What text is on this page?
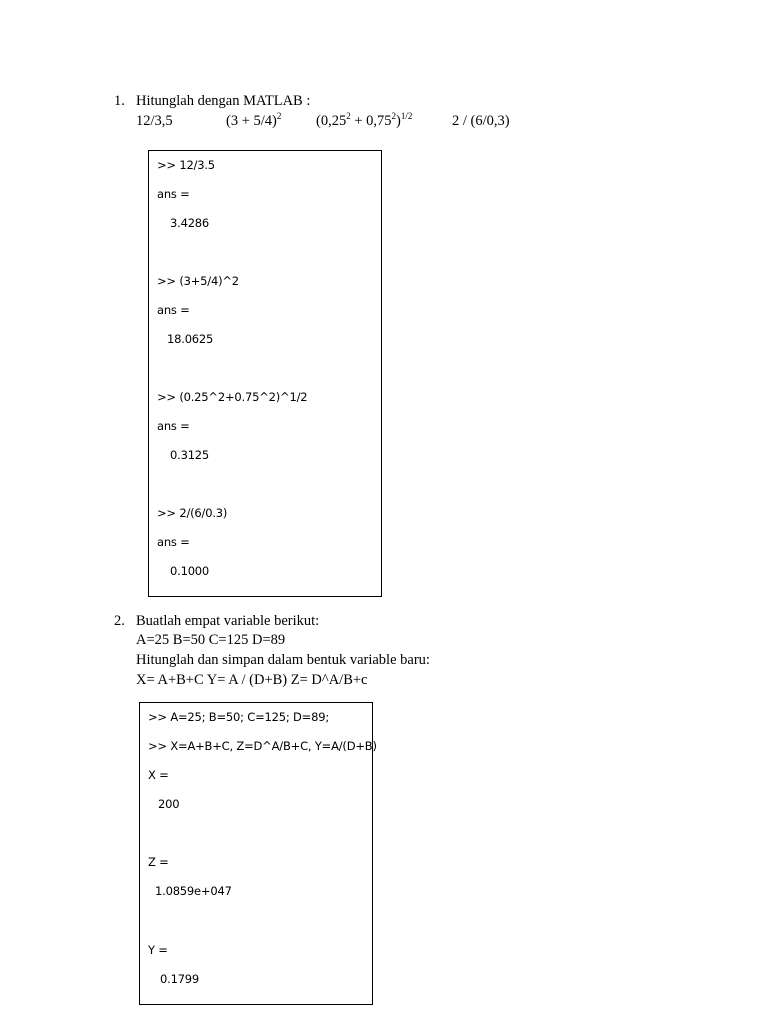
1. Hitunglah dengan MATLAB :
12/3,5	$(3 + 5/4)^2$ $(0,25^2 + 0,75^2)^{1/2}$	2 / (6/0,3)
>> 12/3.5
ans =
3.4286
>> (3+5/4)^2
ans =
18.0625
>> (0.25^2+0.75^2)^1/2
ans =
0.3125
>> 2/(6/0.3)
ans =
0.1000
2. Buatlah empat variable berikut:
A=25 B=50 C=125 D=89
Hitunglah dan simpan dalam bentuk variable baru:
X= A+B+C Y= A / (D+B) Z= D^A/B+c
>> A=25; B=50; C=125; D=89;
>> X=A+B+C, Z=D^A/B+C, Y=A/(D+B)
X =
200
Z =
1.0859e+047
Y =
0.1799
